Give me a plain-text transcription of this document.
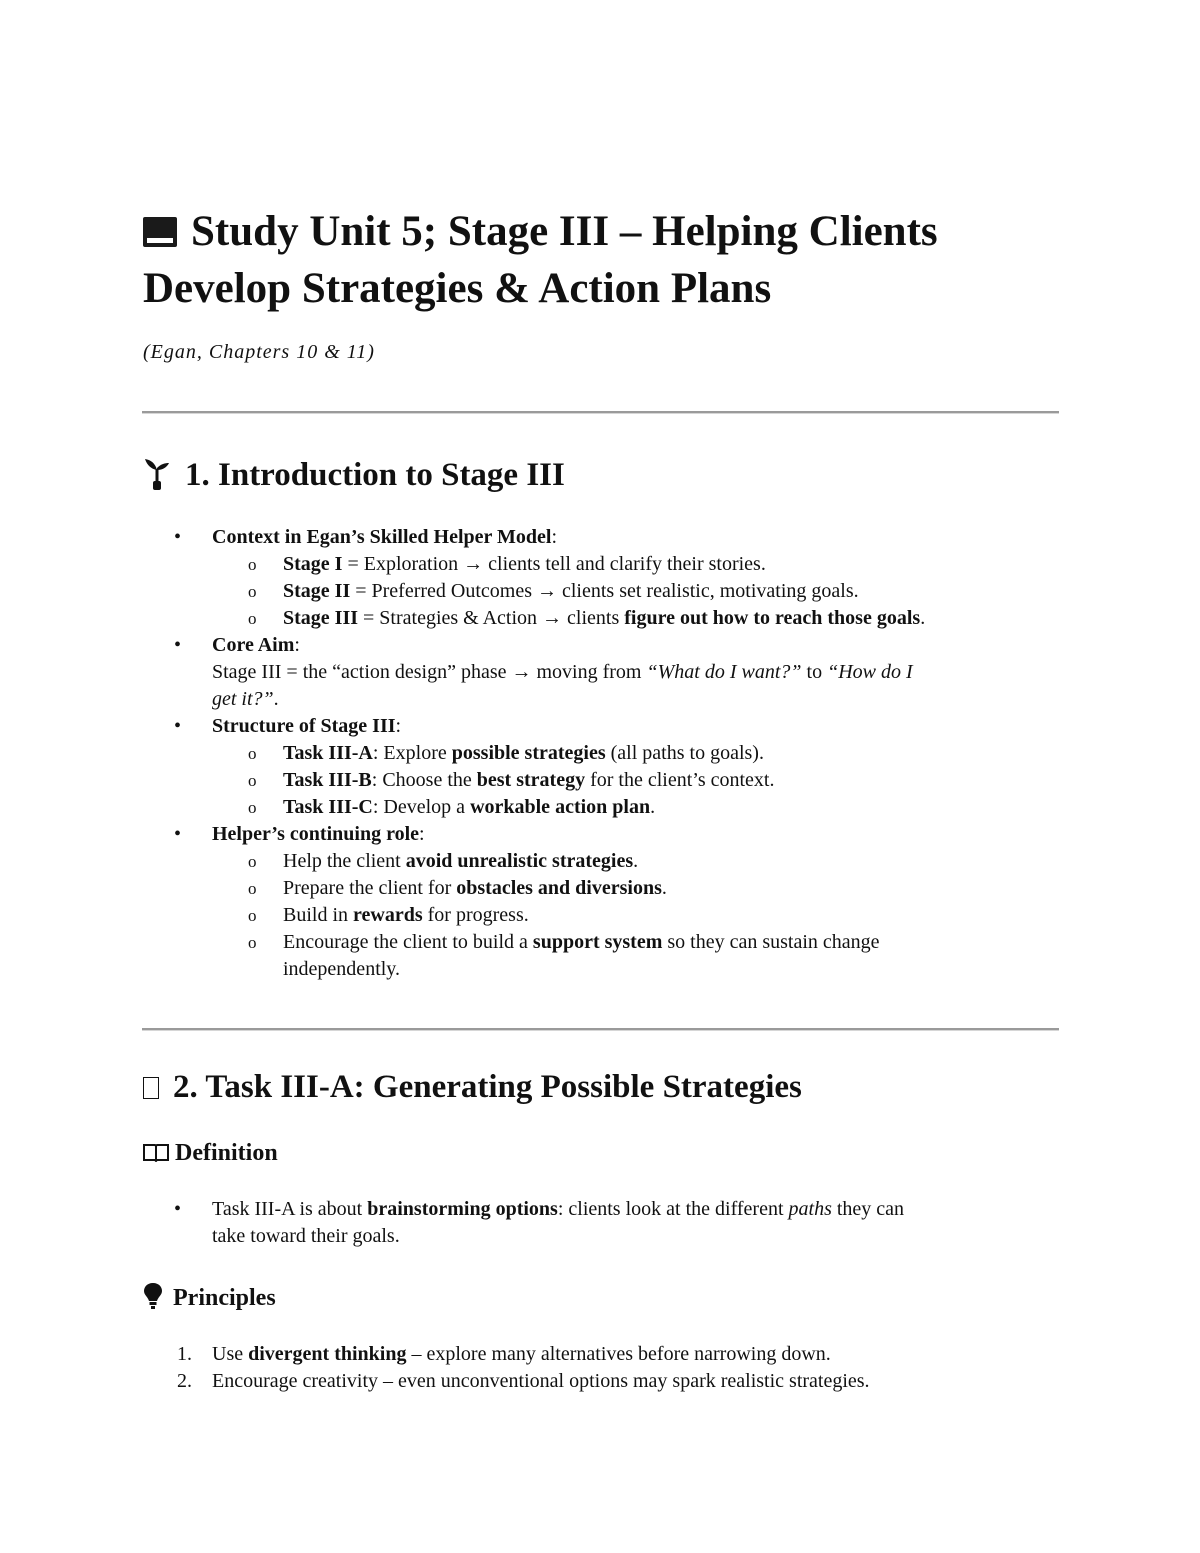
Study Unit 5; Stage III – Helping Clients
Develop Strategies & Action Plans

(Egan, Chapters 10 & 11)

1. Introduction to Stage III
• Context in Egan’s Skilled Helper Model:
o Stage I = Exploration → clients tell and clarify their stories.
o Stage II = Preferred Outcomes → clients set realistic, motivating goals.
o Stage III = Strategies & Action → clients figure out how to reach those goals.
• Core Aim:
Stage III = the “action design” phase → moving from “What do I want?” to “How do I
get it?”.
• Structure of Stage III:
o Task III-A: Explore possible strategies (all paths to goals).
o Task III-B: Choose the best strategy for the client’s context.
o Task III-C: Develop a workable action plan.
• Helper’s continuing role:
o Help the client avoid unrealistic strategies.
o Prepare the client for obstacles and diversions.
o Build in rewards for progress.
o Encourage the client to build a support system so they can sustain change
independently.
2. Task III-A: Generating Possible Strategies
Definition
• Task III-A is about brainstorming options: clients look at the different paths they can
take toward their goals.
Principles
1. Use divergent thinking – explore many alternatives before narrowing down.
2. Encourage creativity – even unconventional options may spark realistic strategies.
